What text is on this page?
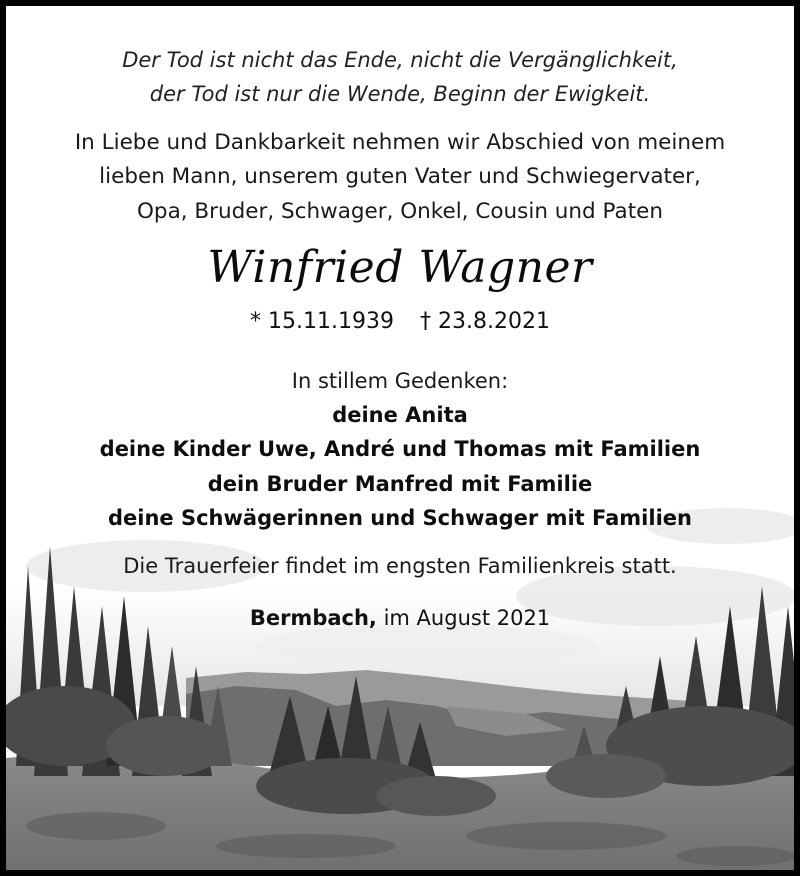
Der Tod ist nicht das Ende, nicht die Vergänglichkeit,
der Tod ist nur die Wende, Beginn der Ewigkeit.
In Liebe und Dankbarkeit nehmen wir Abschied von meinem
lieben Mann, unserem guten Vater und Schwiegervater,
Opa, Bruder, Schwager, Onkel, Cousin und Paten
Winfried Wagner
* 15.11.1939 † 23.8.2021
In stillem Gedenken:
deine Anita
deine Kinder Uwe, André und Thomas mit Familien
dein Bruder Manfred mit Familie
deine Schwägerinnen und Schwager mit Familien
Die Trauerfeier findet im engsten Familienkreis statt.
Bermbach, im August 2021
